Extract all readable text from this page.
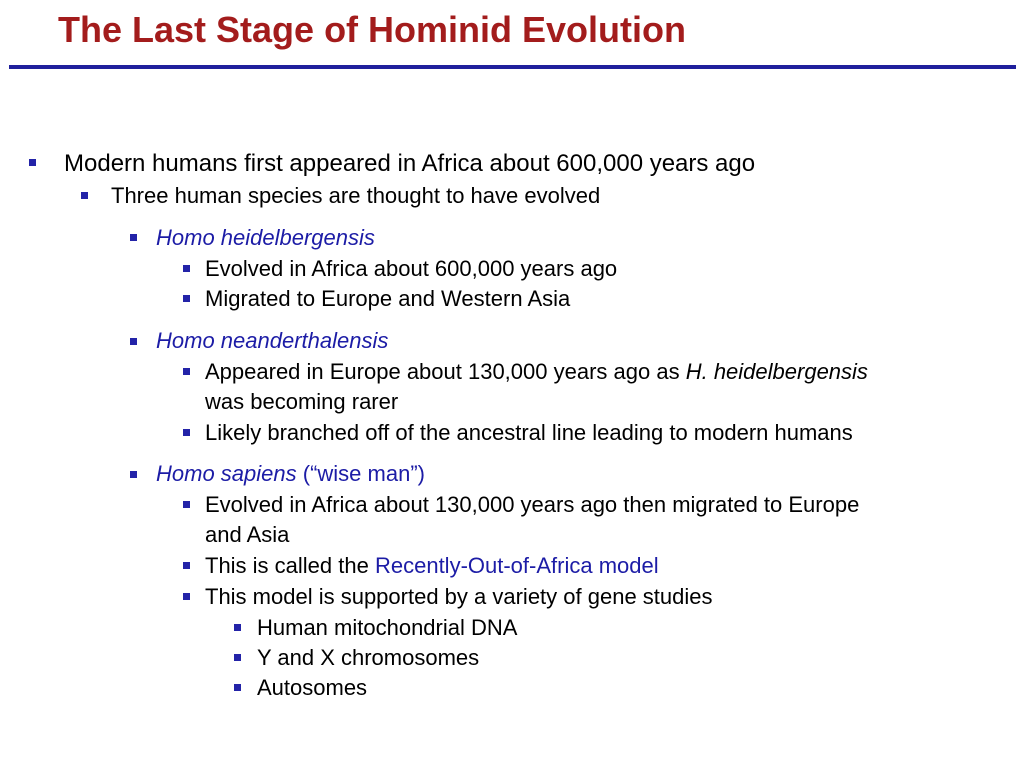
The Last Stage of Hominid Evolution
Modern humans first appeared in Africa about 600,000 years ago
Three human species are thought to have evolved
Homo heidelbergensis
Evolved in Africa about 600,000 years ago
Migrated to Europe and Western Asia
Homo neanderthalensis
Appeared in Europe about 130,000 years ago as H. heidelbergensis
was becoming rarer
Likely branched off of the ancestral line leading to modern humans
Homo sapiens (“wise man”)
Evolved in Africa about 130,000 years ago then migrated to Europe
and Asia
This is called the Recently-Out-of-Africa model
This model is supported by a variety of gene studies
Human mitochondrial DNA
Y and X chromosomes
Autosomes
